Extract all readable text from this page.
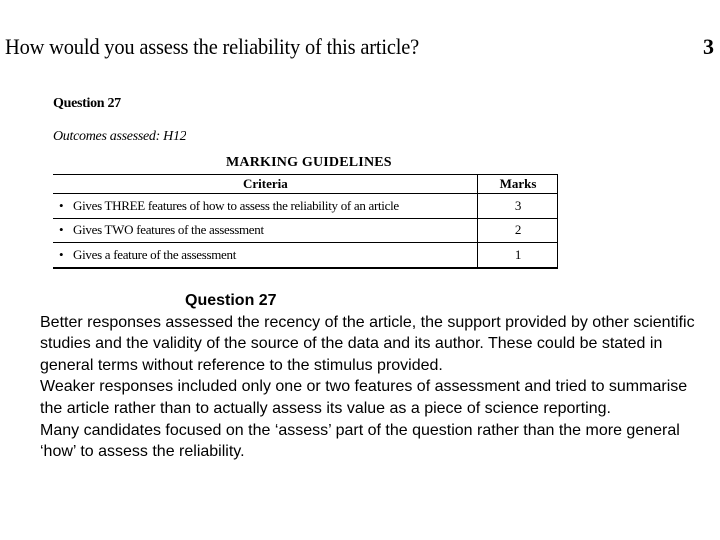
How would you assess the reliability of this article?	3
Question 27
Outcomes assessed: H12
MARKING GUIDELINES
Criteria	Marks
• Gives THREE features of how to assess the reliability of an article	3
• Gives TWO features of the assessment	2
• Gives a feature of the assessment	1
Question 27

Better responses assessed the recency of the article, the support provided by other scientific studies and the validity of the source of the data and its author. These could be stated in general terms without reference to the stimulus provided.

Weaker responses included only one or two features of assessment and tried to summarise the article rather than to actually assess its value as a piece of science reporting.

Many candidates focused on the ‘assess’ part of the question rather than the more general ‘how’ to assess the reliability.
